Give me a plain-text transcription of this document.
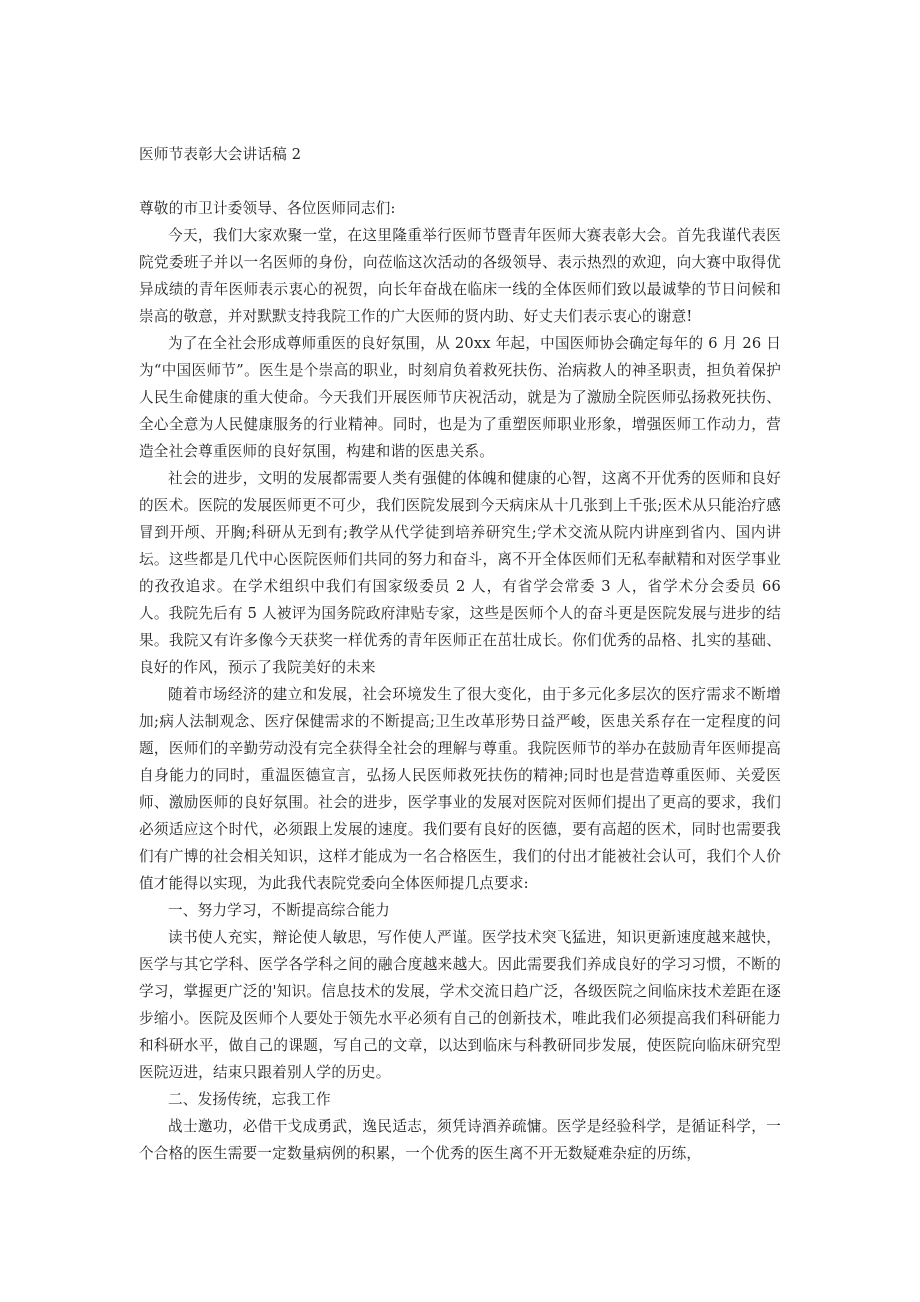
医师节表彰大会讲话稿 2

尊敬的市卫计委领导、各位医师同志们:

今天，我们大家欢聚一堂，在这里隆重举行医师节暨青年医师大赛表彰大会。首先我谨代表医院党委班子并以一名医师的身份，向莅临这次活动的各级领导、表示热烈的欢迎，向大赛中取得优异成绩的青年医师表示衷心的祝贺，向长年奋战在临床一线的全体医师们致以最诚挚的节日问候和崇高的敬意，并对默默支持我院工作的广大医师的贤内助、好丈夫们表示衷心的谢意!

为了在全社会形成尊师重医的良好氛围，从 20xx 年起，中国医师协会确定每年的 6 月 26 日为“中国医师节”。医生是个崇高的职业，时刻肩负着救死扶伤、治病救人的神圣职责，担负着保护人民生命健康的重大使命。今天我们开展医师节庆祝活动，就是为了激励全院医师弘扬救死扶伤、全心全意为人民健康服务的行业精神。同时，也是为了重塑医师职业形象，增强医师工作动力，营造全社会尊重医师的良好氛围，构建和谐的医患关系。

社会的进步，文明的发展都需要人类有强健的体魄和健康的心智，这离不开优秀的医师和良好的医术。医院的发展医师更不可少，我们医院发展到今天病床从十几张到上千张;医术从只能治疗感冒到开颅、开胸;科研从无到有;教学从代学徒到培养研究生;学术交流从院内讲座到省内、国内讲坛。这些都是几代中心医院医师们共同的努力和奋斗，离不开全体医师们无私奉献精和对医学事业的孜孜追求。在学术组织中我们有国家级委员 2 人，有省学会常委 3 人，省学术分会委员 66 人。我院先后有 5 人被评为国务院政府津贴专家，这些是医师个人的奋斗更是医院发展与进步的结果。我院又有许多像今天获奖一样优秀的青年医师正在茁壮成长。你们优秀的品格、扎实的基础、良好的作风，预示了我院美好的未来

随着市场经济的建立和发展，社会环境发生了很大变化，由于多元化多层次的医疗需求不断增加;病人法制观念、医疗保健需求的不断提高;卫生改革形势日益严峻，医患关系存在一定程度的问题，医师们的辛勤劳动没有完全获得全社会的理解与尊重。我院医师节的举办在鼓励青年医师提高自身能力的同时，重温医德宣言，弘扬人民医师救死扶伤的精神;同时也是营造尊重医师、关爱医师、激励医师的良好氛围。社会的进步，医学事业的发展对医院对医师们提出了更高的要求，我们必须适应这个时代，必须跟上发展的速度。我们要有良好的医德，要有高超的医术，同时也需要我们有广博的社会相关知识，这样才能成为一名合格医生，我们的付出才能被社会认可，我们个人价值才能得以实现，为此我代表院党委向全体医师提几点要求:

一、努力学习，不断提高综合能力

读书使人充实，辩论使人敏思，写作使人严谨。医学技术突飞猛进，知识更新速度越来越快，医学与其它学科、医学各学科之间的融合度越来越大。因此需要我们养成良好的学习习惯，不断的学习，掌握更广泛的'知识。信息技术的发展，学术交流日趋广泛，各级医院之间临床技术差距在逐步缩小。医院及医师个人要处于领先水平必须有自己的创新技术，唯此我们必须提高我们科研能力和科研水平，做自己的课题，写自己的文章，以达到临床与科教研同步发展，使医院向临床研究型医院迈进，结束只跟着别人学的历史。

二、发扬传统，忘我工作

战士邀功，必借干戈成勇武，逸民适志，须凭诗酒养疏慵。医学是经验科学，是循证科学，一个合格的医生需要一定数量病例的积累，一个优秀的医生离不开无数疑难杂症的历练，
